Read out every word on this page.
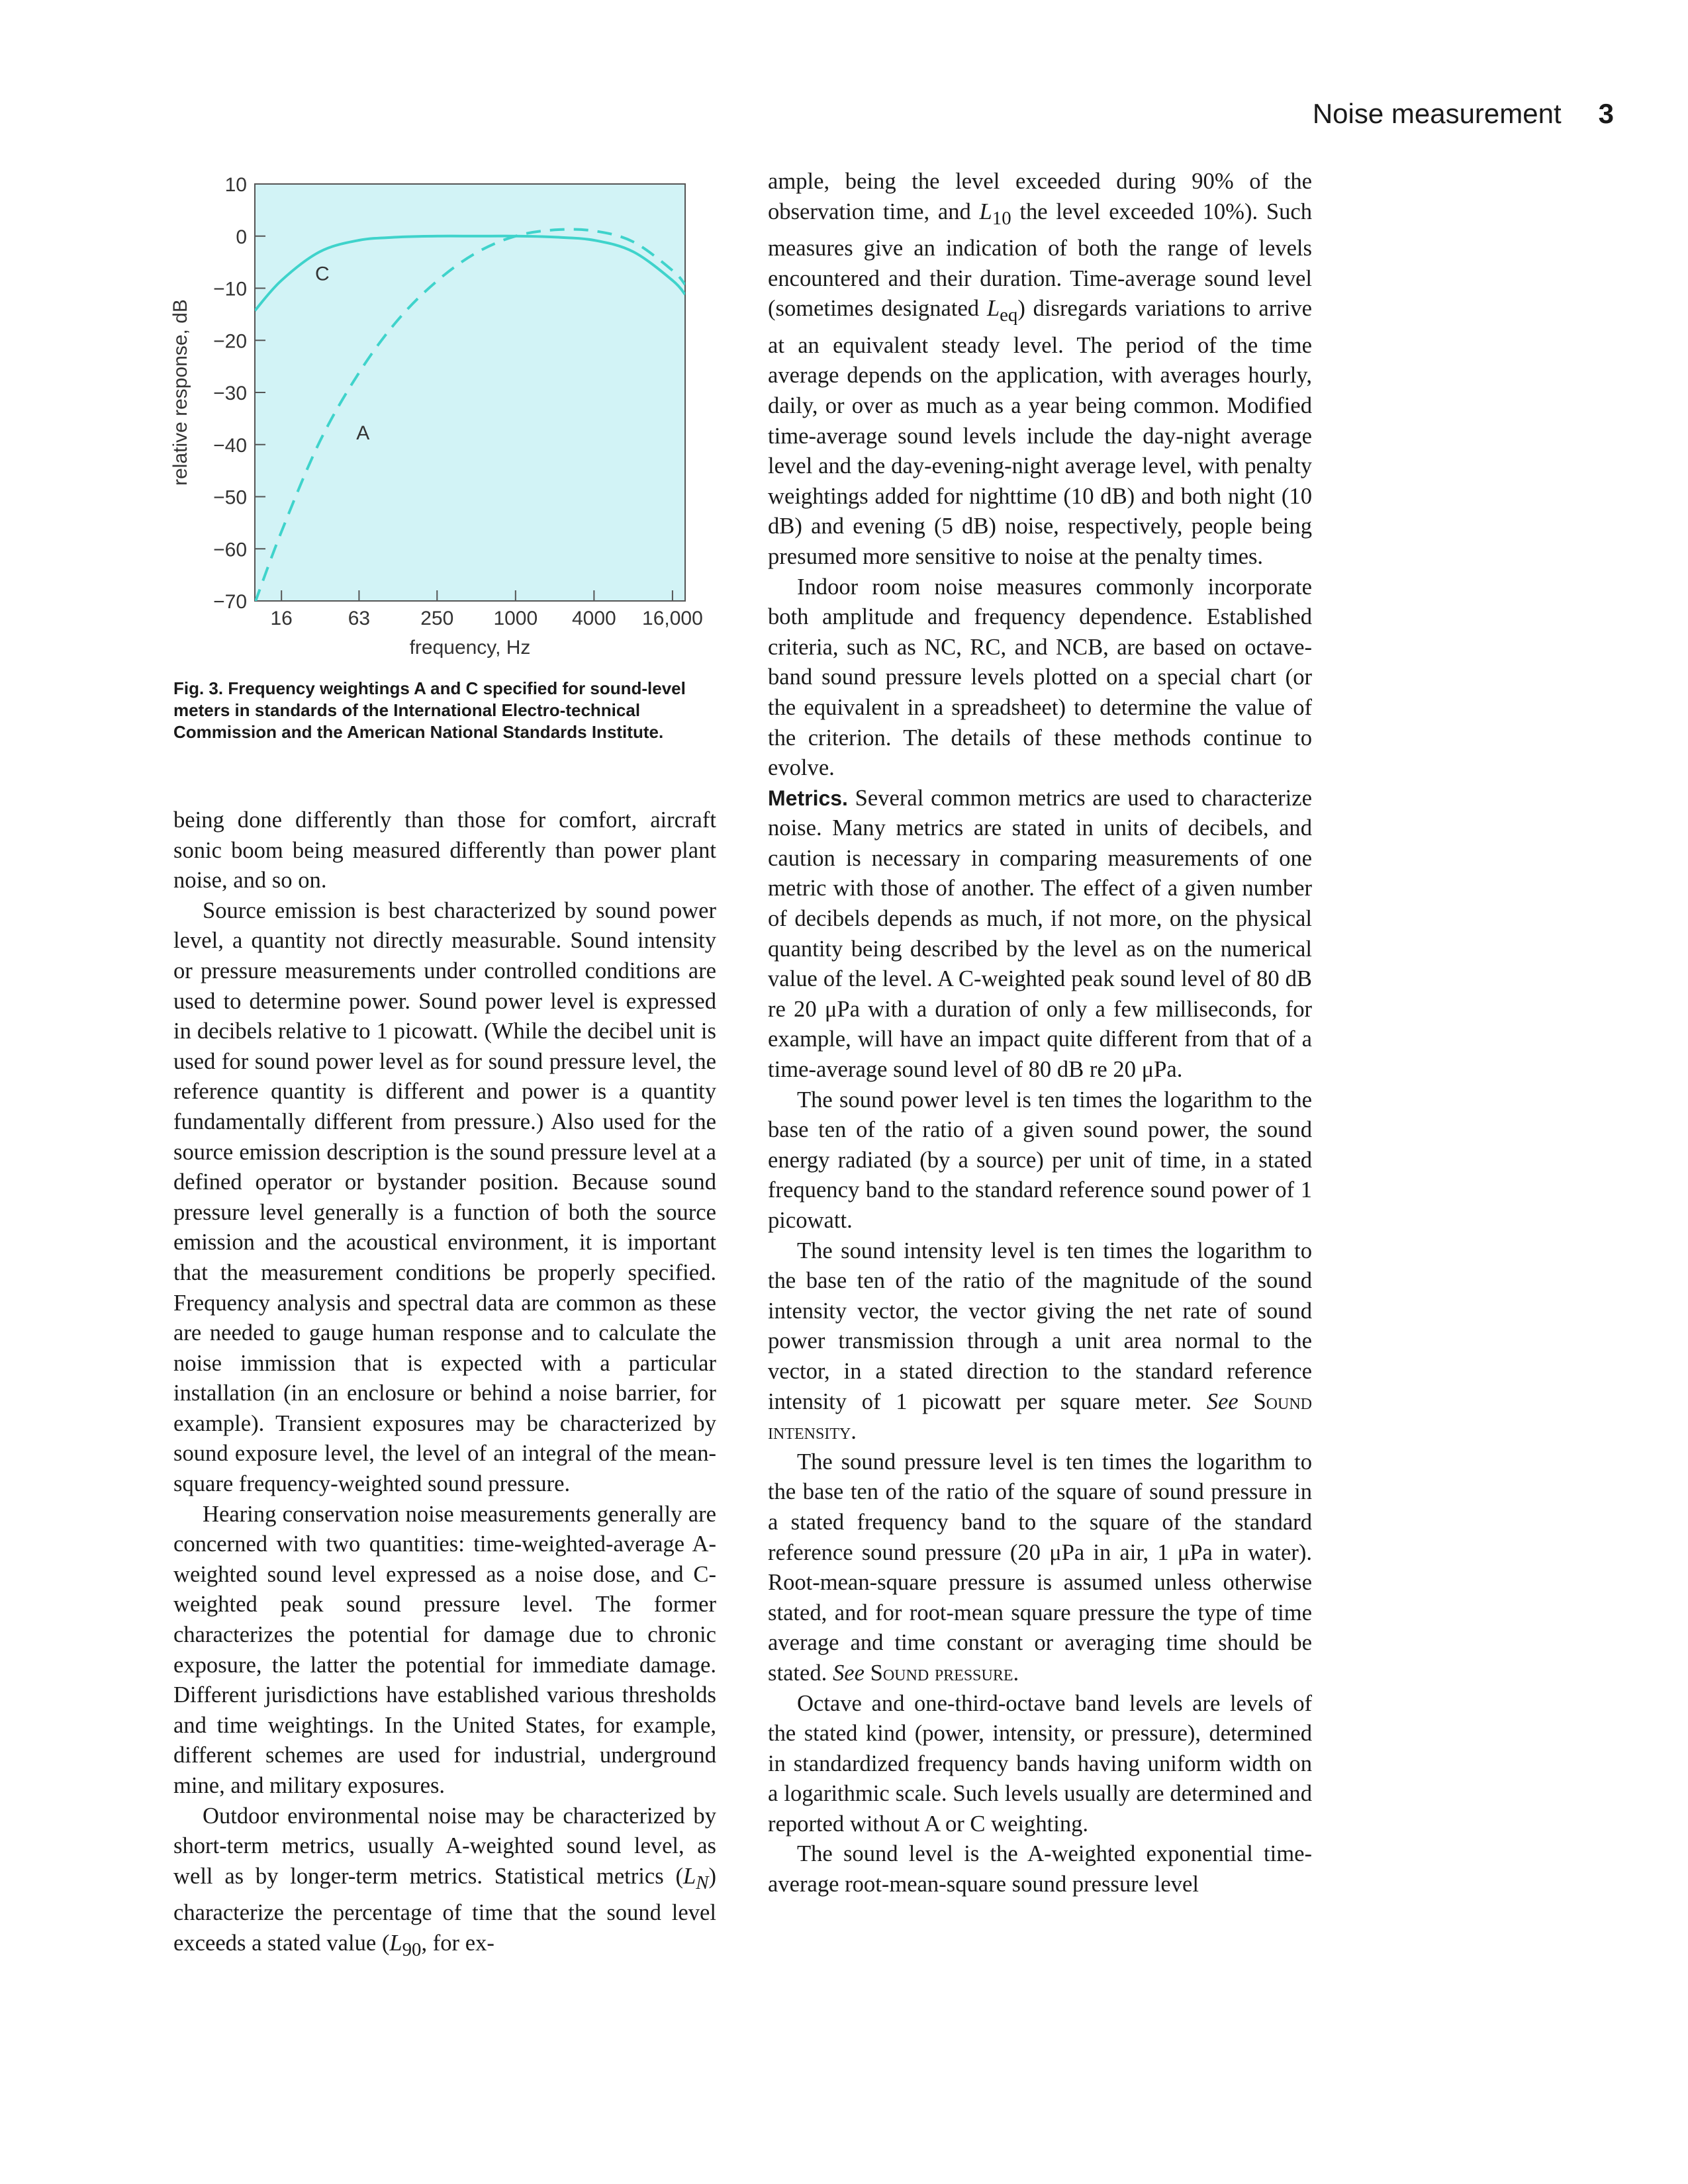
Noise measurement 3
10
0
−10
−20
−30
−40
−50
−60
−70
16	63	250 1000 4000 16,000
C
A
frequency, Hz
relative response, dB
Fig. 3. Frequency weightings A and C specified for sound-level meters in standards of the International Electro-technical Commission and the American National Standards Institute.

being done differently than those for comfort, aircraft sonic boom being measured differently than power plant noise, and so on.

Source emission is best characterized by sound power level, a quantity not directly measurable. Sound intensity or pressure measurements under controlled conditions are used to determine power. Sound power level is expressed in decibels relative to 1 picowatt. (While the decibel unit is used for sound power level as for sound pressure level, the reference quantity is different and power is a quantity fundamentally different from pressure.) Also used for the source emission description is the sound pressure level at a defined operator or bystander position. Because sound pressure level generally is a function of both the source emission and the acoustical environment, it is important that the measurement conditions be properly specified. Frequency analysis and spectral data are common as these are needed to gauge human response and to calculate the noise immission that is expected with a particular installation (in an enclosure or behind a noise barrier, for example). Transient exposures may be characterized by sound exposure level, the level of an integral of the mean-square frequency-weighted sound pressure.

Hearing conservation noise measurements generally are concerned with two quantities: time-weighted-average A-weighted sound level expressed as a noise dose, and C-weighted peak sound pressure level. The former characterizes the potential for damage due to chronic exposure, the latter the potential for immediate damage. Different jurisdictions have established various thresholds and time weightings. In the United States, for example, different schemes are used for industrial, underground mine, and military exposures.

Outdoor environmental noise may be characterized by short-term metrics, usually A-weighted sound level, as well as by longer-term metrics. Statistical metrics $(L_N)$ characterize the percentage of time that the sound level exceeds a stated value ($L_{90}$, for ex-

ample, being the level exceeded during 90% of the observation time, and $L_{10}$ the level exceeded 10%). Such measures give an indication of both the range of levels encountered and their duration. Time-average sound level (sometimes designated $L_{eq}$) disregards variations to arrive at an equivalent steady level. The period of the time average depends on the application, with averages hourly, daily, or over as much as a year being common. Modified time-average sound levels include the day-night average level and the day-evening-night average level, with penalty weightings added for nighttime (10 dB) and both night (10 dB) and evening (5 dB) noise, respectively, people being presumed more sensitive to noise at the penalty times.

Indoor room noise measures commonly incorporate both amplitude and frequency dependence. Established criteria, such as NC, RC, and NCB, are based on octave-band sound pressure levels plotted on a special chart (or the equivalent in a spreadsheet) to determine the value of the criterion. The details of these methods continue to evolve.

Metrics. Several common metrics are used to characterize noise. Many metrics are stated in units of decibels, and caution is necessary in comparing measurements of one metric with those of another. The effect of a given number of decibels depends as much, if not more, on the physical quantity being described by the level as on the numerical value of the level. A C-weighted peak sound level of 80 dB re 20 μPa with a duration of only a few milliseconds, for example, will have an impact quite different from that of a time-average sound level of 80 dB re 20 μPa.

The sound power level is ten times the logarithm to the base ten of the ratio of a given sound power, the sound energy radiated (by a source) per unit of time, in a stated frequency band to the standard reference sound power of 1 picowatt.

The sound intensity level is ten times the logarithm to the base ten of the ratio of the magnitude of the sound intensity vector, the vector giving the net rate of sound power transmission through a unit area normal to the vector, in a stated direction to the standard reference intensity of 1 picowatt per square meter. See Sound intensity.

The sound pressure level is ten times the logarithm to the base ten of the ratio of the square of sound pressure in a stated frequency band to the square of the standard reference sound pressure (20 μPa in air, 1 μPa in water). Root-mean-square pressure is assumed unless otherwise stated, and for root-mean square pressure the type of time average and time constant or averaging time should be stated. See Sound pressure.

Octave and one-third-octave band levels are levels of the stated kind (power, intensity, or pressure), determined in standardized frequency bands having uniform width on a logarithmic scale. Such levels usually are determined and reported without A or C weighting.

The sound level is the A-weighted exponential time-average root-mean-square sound pressure level
